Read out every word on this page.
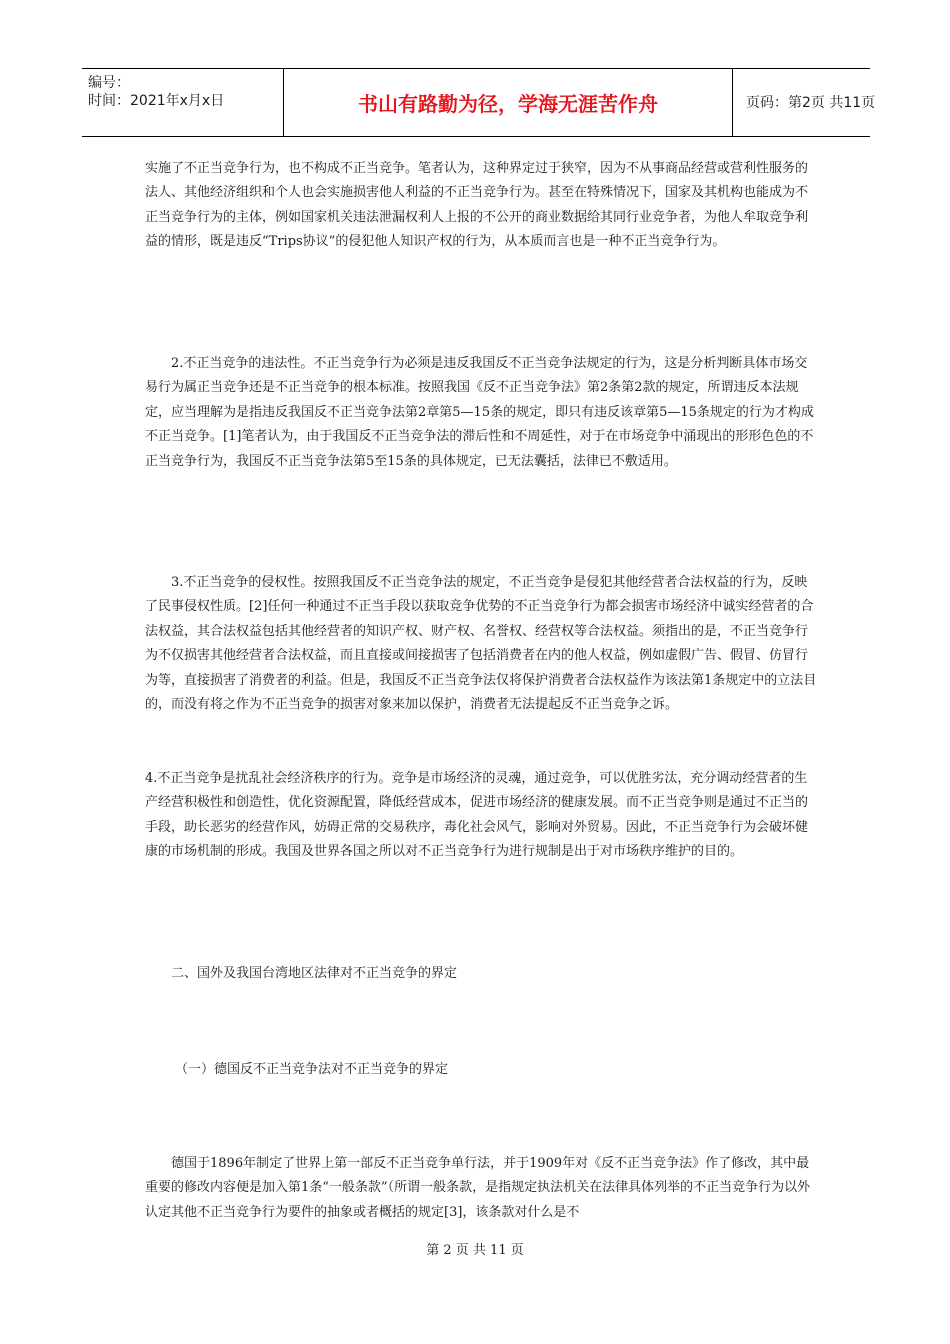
编号：
时间：2021年x月x日	书山有路勤为径，学海无涯苦作舟	页码：第2页 共11页

实施了不正当竞争行为，也不构成不正当竞争。笔者认为，这种界定过于狭窄，因为不从事商品经营或营利性服务的法人、其他经济组织和个人也会实施损害他人利益的不正当竞争行为。甚至在特殊情况下，国家及其机构也能成为不正当竞争行为的主体，例如国家机关违法泄漏权利人上报的不公开的商业数据给其同行业竞争者，为他人牟取竞争利益的情形，既是违反“Trips协议”的侵犯他人知识产权的行为，从本质而言也是一种不正当竞争行为。

2.不正当竞争的违法性。不正当竞争行为必须是违反我国反不正当竞争法规定的行为，这是分析判断具体市场交易行为属正当竞争还是不正当竞争的根本标准。按照我国《反不正当竞争法》第2条第2款的规定，所谓违反本法规定，应当理解为是指违反我国反不正当竞争法第2章第5—15条的规定，即只有违反该章第5—15条规定的行为才构成不正当竞争。[1]笔者认为，由于我国反不正当竞争法的滞后性和不周延性，对于在市场竞争中涌现出的形形色色的不正当竞争行为，我国反不正当竞争法第5至15条的具体规定，已无法囊括，法律已不敷适用。

3.不正当竞争的侵权性。按照我国反不正当竞争法的规定，不正当竞争是侵犯其他经营者合法权益的行为，反映了民事侵权性质。[2]任何一种通过不正当手段以获取竞争优势的不正当竞争行为都会损害市场经济中诚实经营者的合法权益，其合法权益包括其他经营者的知识产权、财产权、名誉权、经营权等合法权益。须指出的是，不正当竞争行为不仅损害其他经营者合法权益，而且直接或间接损害了包括消费者在内的他人权益，例如虚假广告、假冒、仿冒行为等，直接损害了消费者的利益。但是，我国反不正当竞争法仅将保护消费者合法权益作为该法第1条规定中的立法目的，而没有将之作为不正当竞争的损害对象来加以保护，消费者无法提起反不正当竞争之诉。

4.不正当竞争是扰乱社会经济秩序的行为。竞争是市场经济的灵魂，通过竞争，可以优胜劣汰，充分调动经营者的生产经营积极性和创造性，优化资源配置，降低经营成本，促进市场经济的健康发展。而不正当竞争则是通过不正当的手段，助长恶劣的经营作风，妨碍正常的交易秩序，毒化社会风气，影响对外贸易。因此，不正当竞争行为会破坏健康的市场机制的形成。我国及世界各国之所以对不正当竞争行为进行规制是出于对市场秩序维护的目的。

二、国外及我国台湾地区法律对不正当竞争的界定

（一）德国反不正当竞争法对不正当竞争的界定

德国于1896年制定了世界上第一部反不正当竞争单行法，并于1909年对《反不正当竞争法》作了修改，其中最重要的修改内容便是加入第1条“一般条款”（所谓一般条款，是指规定执法机关在法律具体列举的不正当竞争行为以外认定其他不正当竞争行为要件的抽象或者概括的规定[3]，该条款对什么是不

第 2 页 共 11 页
